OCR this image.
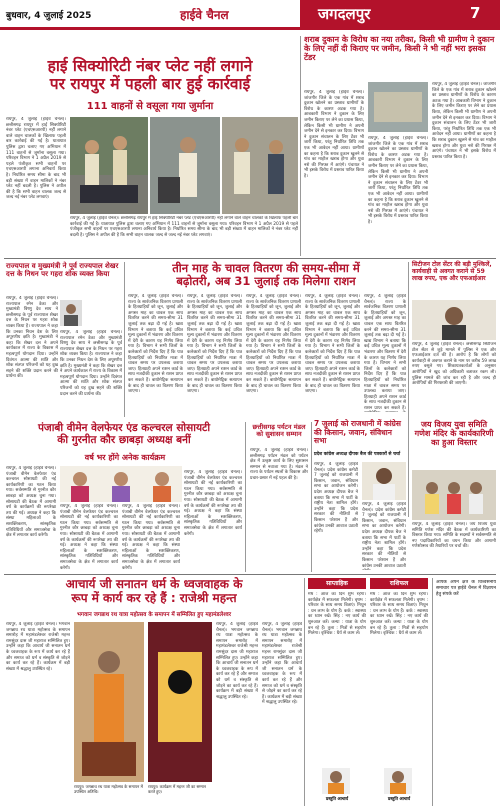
बुधवार, 4 जुलाई 2025	हाईवे चैनल	जगदलपुर	7
हाई सिक्योरिटी नंबर प्लेट नहीं लगाने
पर रायपुर में पहली बार हुई कार्रवाई
111 वाहनों से वसूला गया जुर्माना
रायपुर, 4 जुलाई (हाईवे चैनल)। छत्तीसगढ़ रायपुर में हाई सिक्योरिटी नंबर प्लेट (एचएसआरपी) नहीं लगाने वाले वाहन चालकों के खिलाफ पहली बार कार्रवाई की गई है। यातायात पुलिस द्वारा चलाए गए अभियान में 111 वाहनों से जुर्माना वसूला गया। परिवहन विभाग ने 1 अप्रैल 2019 से पहले पंजीकृत सभी वाहनों पर एचएसआरपी लगाना अनिवार्य किया है। निर्धारित समय सीमा के बाद भी बड़ी संख्या में वाहन मालिकों ने नंबर प्लेट नहीं बदली है। पुलिस ने अपील की है कि सभी वाहन चालक जल्द से जल्द नई नंबर प्लेट लगवाएं।
रायपुर, 4 जुलाई (हाईवे चैनल)। छत्तीसगढ़ रायपुर में हाई सिक्योरिटी नंबर प्लेट (एचएसआरपी) नहीं लगाने वाले वाहन चालकों के खिलाफ पहली बार कार्रवाई की गई है। यातायात पुलिस द्वारा चलाए गए अभियान में 111 वाहनों से जुर्माना वसूला गया। परिवहन विभाग ने 1 अप्रैल 2019 से पहले पंजीकृत सभी वाहनों पर एचएसआरपी लगाना अनिवार्य किया है। निर्धारित समय सीमा के बाद भी बड़ी संख्या में वाहन मालिकों ने नंबर प्लेट नहीं बदली है। पुलिस ने अपील की है कि सभी वाहन चालक जल्द से जल्द नई नंबर प्लेट लगवाएं।
शराब दुकान के विरोध का नया तरीका, किसी भी ग्रामीण ने दुकान के लिए नहीं दी किराए पर जमीन, किसी ने भी नहीं भरा इसका टेंडर
रायपुर, 4 जुलाई (हाईवे चैनल)। जांजगीर जिले के एक गांव में शराब दुकान खोलने का प्रस्ताव ग्रामीणों के विरोध के कारण अटक गया है। आबकारी विभाग ने दुकान के लिए जमीन किराए पर लेने का प्रयास किया, लेकिन किसी भी ग्रामीण ने अपनी जमीन देने से इनकार कर दिया। विभाग ने दुकान संचालन के लिए टेंडर भी जारी किया, परंतु निर्धारित तिथि तक एक भी आवेदन नहीं आया। ग्रामीणों का कहना है कि शराब दुकान खुलने से गांव का माहौल खराब होगा और युवा नशे की गिरफ्त में आएंगे। पंचायत ने भी इसके विरोध में प्रस्ताव पारित किया है।
रायपुर, 4 जुलाई (हाईवे चैनल)। जांजगीर जिले के एक गांव में शराब दुकान खोलने का प्रस्ताव ग्रामीणों के विरोध के कारण अटक गया है। आबकारी विभाग ने दुकान के लिए जमीन किराए पर लेने का प्रयास किया, लेकिन किसी भी ग्रामीण ने अपनी जमीन देने से इनकार कर दिया। विभाग ने दुकान संचालन के लिए टेंडर भी जारी किया, परंतु निर्धारित तिथि तक एक भी आवेदन नहीं आया। ग्रामीणों का कहना है कि शराब दुकान खुलने से गांव का माहौल खराब होगा और युवा नशे की गिरफ्त में आएंगे। पंचायत ने भी इसके विरोध में प्रस्ताव पारित किया है।
रायपुर, 4 जुलाई (हाईवे चैनल)। जांजगीर जिले के एक गांव में शराब दुकान खोलने का प्रस्ताव ग्रामीणों के विरोध के कारण अटक गया है। आबकारी विभाग ने दुकान के लिए जमीन किराए पर लेने का प्रयास किया, लेकिन किसी भी ग्रामीण ने अपनी जमीन देने से इनकार कर दिया। विभाग ने दुकान संचालन के लिए टेंडर भी जारी किया, परंतु निर्धारित तिथि तक एक भी आवेदन नहीं आया। ग्रामीणों का कहना है कि शराब दुकान खुलने से गांव का माहौल खराब होगा और युवा नशे की गिरफ्त में आएंगे। पंचायत ने भी इसके विरोध में प्रस्ताव पारित किया है।
राज्यपाल व मुख्यमंत्री ने पूर्व राज्यपाल शेखर दत्त के निधन पर गहरा शोक व्यक्त किया
रायपुर, 4 जुलाई (हाईवे चैनल)। राज्यपाल रमेन डेका और मुख्यमंत्री विष्णु देव साय ने छत्तीसगढ़ के पूर्व राज्यपाल शेखर दत्त के निधन पर गहरा शोक व्यक्त किया है। राज्यपाल ने कहा कि उनका निधन देश के लिए अपूरणीय क्षति है। मुख्यमंत्री ने कहा कि शेखर दत्त ने अपने कार्यकाल में राज्य के विकास में महत्वपूर्ण योगदान दिया। उन्होंने दिवंगत आत्मा की शांति और शोक संतप्त परिजनों को यह दुख सहने की शक्ति प्रदान करने की प्रार्थना की।
रायपुर, 4 जुलाई (हाईवे चैनल)। राज्यपाल रमेन डेका और मुख्यमंत्री विष्णु देव साय ने छत्तीसगढ़ के पूर्व राज्यपाल शेखर दत्त के निधन पर गहरा शोक व्यक्त किया है। राज्यपाल ने कहा कि उनका निधन देश के लिए अपूरणीय क्षति है। मुख्यमंत्री ने कहा कि शेखर दत्त ने अपने कार्यकाल में राज्य के विकास में महत्वपूर्ण योगदान दिया। उन्होंने दिवंगत आत्मा की शांति और शोक संतप्त परिजनों को यह दुख सहने की शक्ति प्रदान करने की प्रार्थना की।
तीन माह के चावल वितरण की समय-सीमा में
बढ़ोतरी, अब 31 जुलाई तक मिलेगा राशन
रायपुर, 4 जुलाई (हाईवे चैनल)। राज्य के सार्वजनिक वितरण प्रणाली के हितग्राहियों को जून, जुलाई और अगस्त माह का चावल एक साथ वितरित करने की समय-सीमा 31 जुलाई तक बढ़ा दी गई है। खाद्य विभाग ने बताया कि कई उचित मूल्य दुकानों में भंडारण और वितरण में देरी के कारण यह निर्णय लिया गया है। विभाग ने सभी जिलों के कलेक्टरों को निर्देश दिए हैं कि पात्र हितग्राहियों को निर्धारित मात्रा में चावल समय पर उपलब्ध कराया जाए। हितग्राही अपने राशन कार्ड के साथ नजदीकी दुकान से राशन प्राप्त कर सकते हैं। बायोमेट्रिक सत्यापन के बाद ही चावल का वितरण किया जाएगा।
रायपुर, 4 जुलाई (हाईवे चैनल)। राज्य के सार्वजनिक वितरण प्रणाली के हितग्राहियों को जून, जुलाई और अगस्त माह का चावल एक साथ वितरित करने की समय-सीमा 31 जुलाई तक बढ़ा दी गई है। खाद्य विभाग ने बताया कि कई उचित मूल्य दुकानों में भंडारण और वितरण में देरी के कारण यह निर्णय लिया गया है। विभाग ने सभी जिलों के कलेक्टरों को निर्देश दिए हैं कि पात्र हितग्राहियों को निर्धारित मात्रा में चावल समय पर उपलब्ध कराया जाए। हितग्राही अपने राशन कार्ड के साथ नजदीकी दुकान से राशन प्राप्त कर सकते हैं। बायोमेट्रिक सत्यापन के बाद ही चावल का वितरण किया जाएगा।
रायपुर, 4 जुलाई (हाईवे चैनल)। राज्य के सार्वजनिक वितरण प्रणाली के हितग्राहियों को जून, जुलाई और अगस्त माह का चावल एक साथ वितरित करने की समय-सीमा 31 जुलाई तक बढ़ा दी गई है। खाद्य विभाग ने बताया कि कई उचित मूल्य दुकानों में भंडारण और वितरण में देरी के कारण यह निर्णय लिया गया है। विभाग ने सभी जिलों के कलेक्टरों को निर्देश दिए हैं कि पात्र हितग्राहियों को निर्धारित मात्रा में चावल समय पर उपलब्ध कराया जाए। हितग्राही अपने राशन कार्ड के साथ नजदीकी दुकान से राशन प्राप्त कर सकते हैं। बायोमेट्रिक सत्यापन के बाद ही चावल का वितरण किया जाएगा।
रायपुर, 4 जुलाई (हाईवे चैनल)। राज्य के सार्वजनिक वितरण प्रणाली के हितग्राहियों को जून, जुलाई और अगस्त माह का चावल एक साथ वितरित करने की समय-सीमा 31 जुलाई तक बढ़ा दी गई है। खाद्य विभाग ने बताया कि कई उचित मूल्य दुकानों में भंडारण और वितरण में देरी के कारण यह निर्णय लिया गया है। विभाग ने सभी जिलों के कलेक्टरों को निर्देश दिए हैं कि पात्र हितग्राहियों को निर्धारित मात्रा में चावल समय पर उपलब्ध कराया जाए। हितग्राही अपने राशन कार्ड के साथ नजदीकी दुकान से राशन प्राप्त कर सकते हैं। बायोमेट्रिक सत्यापन के बाद ही चावल का वितरण किया जाएगा।
रायपुर, 4 जुलाई (हाईवे चैनल)। राज्य के सार्वजनिक वितरण प्रणाली के हितग्राहियों को जून, जुलाई और अगस्त माह का चावल एक साथ वितरित करने की समय-सीमा 31 जुलाई तक बढ़ा दी गई है। खाद्य विभाग ने बताया कि कई उचित मूल्य दुकानों में भंडारण और वितरण में देरी के कारण यह निर्णय लिया गया है। विभाग ने सभी जिलों के कलेक्टरों को निर्देश दिए हैं कि पात्र हितग्राहियों को निर्धारित मात्रा में चावल समय पर उपलब्ध कराया जाए। हितग्राही अपने राशन कार्ड के साथ नजदीकी दुकान से राशन प्राप्त कर सकते हैं।
सिटीजन टोल सेंटर की बड़ी मुश्किलें, कार्यवाही से अवगत कराने से 59 लाख रुपए, एक और एफआईआर
रायपुर, 4 जुलाई (हाईवे चैनल)। छत्तीसगढ़ सिटीजन टोल सेंटर से जुड़े मामले में पुलिस ने एक और एफआईआर दर्ज की है। आरोप है कि लोगों को कार्यवाही से अवगत कराने के नाम पर करीब 59 लाख रुपए वसूले गए। शिकायतकर्ताओं के अनुसार आरोपियों ने खुद को अधिकारी बताकर रकम ली। पुलिस मामले की जांच कर रही है और जल्द ही आरोपियों की गिरफ्तारी की जाएगी।
पंजाबी वीमेन वेलफेयर एंड कल्चरल सोसायटी
की गुरनीत कौर छाबड़ा अध्यक्ष बनीं
वर्ष भर होंगे अनेक कार्यक्रम
रायपुर, 4 जुलाई (हाईवे चैनल)। पंजाबी वीमेन वेलफेयर एंड कल्चरल सोसायटी की नई कार्यकारिणी का गठन किया गया। सर्वसम्मति से गुरनीत कौर छाबड़ा को अध्यक्ष चुना गया। सोसायटी की बैठक में आगामी वर्ष के कार्यक्रमों की रूपरेखा तय की गई। अध्यक्ष ने कहा कि संस्था महिलाओं के सशक्तिकरण, सांस्कृतिक गतिविधियों और समाजसेवा के क्षेत्र में लगातार कार्य करेगी।
रायपुर, 4 जुलाई (हाईवे चैनल)। पंजाबी वीमेन वेलफेयर एंड कल्चरल सोसायटी की नई कार्यकारिणी का गठन किया गया। सर्वसम्मति से गुरनीत कौर छाबड़ा को अध्यक्ष चुना गया। सोसायटी की बैठक में आगामी वर्ष के कार्यक्रमों की रूपरेखा तय की गई। अध्यक्ष ने कहा कि संस्था महिलाओं के सशक्तिकरण, सांस्कृतिक गतिविधियों और समाजसेवा के क्षेत्र में लगातार कार्य करेगी।
रायपुर, 4 जुलाई (हाईवे चैनल)। पंजाबी वीमेन वेलफेयर एंड कल्चरल सोसायटी की नई कार्यकारिणी का गठन किया गया। सर्वसम्मति से गुरनीत कौर छाबड़ा को अध्यक्ष चुना गया। सोसायटी की बैठक में आगामी वर्ष के कार्यक्रमों की रूपरेखा तय की गई। अध्यक्ष ने कहा कि संस्था महिलाओं के सशक्तिकरण, सांस्कृतिक गतिविधियों और समाजसेवा के क्षेत्र में लगातार कार्य करेगी।
रायपुर, 4 जुलाई (हाईवे चैनल)। पंजाबी वीमेन वेलफेयर एंड कल्चरल सोसायटी की नई कार्यकारिणी का गठन किया गया। सर्वसम्मति से गुरनीत कौर छाबड़ा को अध्यक्ष चुना गया। सोसायटी की बैठक में आगामी वर्ष के कार्यक्रमों की रूपरेखा तय की गई। अध्यक्ष ने कहा कि संस्था महिलाओं के सशक्तिकरण, सांस्कृतिक गतिविधियों और समाजसेवा के क्षेत्र में लगातार कार्य करेगी।
छत्तीसगढ़ पर्यटन मंडल को सुशासन सम्मान
रायपुर, 4 जुलाई (हाईवे चैनल)। छत्तीसगढ़ पर्यटन मंडल को पर्यटन क्षेत्र में उत्कृष्ट कार्य के लिए सुशासन सम्मान से नवाजा गया है। मंडल ने राज्य के पर्यटन स्थलों के विकास और प्रचार-प्रसार में नई पहल की है।
7 जुलाई को राजधानी में कांग्रेस की किसान, जवान, संविधान सभा
प्रदेश कांग्रेस अध्यक्ष दीपक बैज की पत्रकारों से चर्चा
रायपुर, 4 जुलाई (हाईवे चैनल)। प्रदेश कांग्रेस कमेटी 7 जुलाई को राजधानी में किसान, जवान, संविधान सभा का आयोजन करेगी। प्रदेश अध्यक्ष दीपक बैज ने बताया कि सभा में पार्टी के राष्ट्रीय नेता शामिल होंगे। उन्होंने कहा कि प्रदेश सरकार की नीतियों से किसान परेशान हैं और कांग्रेस उनकी आवाज उठाती रहेगी।
रायपुर, 4 जुलाई (हाईवे चैनल)। प्रदेश कांग्रेस कमेटी 7 जुलाई को राजधानी में किसान, जवान, संविधान सभा का आयोजन करेगी। प्रदेश अध्यक्ष दीपक बैज ने बताया कि सभा में पार्टी के राष्ट्रीय नेता शामिल होंगे। उन्होंने कहा कि प्रदेश सरकार की नीतियों से किसान परेशान हैं और कांग्रेस उनकी आवाज उठाती
जय विजय युवा समिति गणेश मंदिर के कार्यकारिणी का हुआ विस्तार
रायपुर, 4 जुलाई (हाईवे चैनल)। जय विजय युवा समिति गणेश मंदिर की बैठक में कार्यकारिणी का विस्तार किया गया। समिति के सदस्यों ने सर्वसम्मति से नए पदाधिकारियों का चयन किया और आगामी गणेशोत्सव की तैयारियों पर चर्चा की।
आचार्य जी सनातन धर्म के ध्वजवाहक के
रूप में कार्य कर रहे हैं : राजेश्री महन्त
भगवान जगन्नाथ रथ यात्रा महोत्सव के समापन में सम्मिलित हुए महामंडलेश्वर
रायपुर, 4 जुलाई (हाईवे चैनल)। भगवान जगन्नाथ रथ यात्रा महोत्सव के समापन समारोह में महामंडलेश्वर राजेश्री महन्त रामसुंदर दास जी महाराज सम्मिलित हुए। उन्होंने कहा कि आचार्य जी सनातन धर्म के ध्वजवाहक के रूप में कार्य कर रहे हैं और समाज को धर्म व संस्कृति से जोड़ने का कार्य कर रहे हैं। कार्यक्रम में बड़ी संख्या में श्रद्धालु उपस्थित रहे।
रायपुर। जगन्नाथ रथ यात्रा महोत्सव के समापन में उपस्थित अतिथि।
रायपुर। कार्यक्रम में महन्त जी का सम्मान करते हुए।
रायपुर, 4 जुलाई (हाईवे चैनल)। भगवान जगन्नाथ रथ यात्रा महोत्सव के समापन समारोह में महामंडलेश्वर राजेश्री महन्त रामसुंदर दास जी महाराज सम्मिलित हुए। उन्होंने कहा कि आचार्य जी सनातन धर्म के ध्वजवाहक के रूप में कार्य कर रहे हैं और समाज को धर्म व संस्कृति से जोड़ने का कार्य कर रहे हैं। कार्यक्रम में बड़ी संख्या में श्रद्धालु उपस्थित रहे।
रायपुर, 4 जुलाई (हाईवे चैनल)। भगवान जगन्नाथ रथ यात्रा महोत्सव के समापन समारोह में महामंडलेश्वर राजेश्री महन्त रामसुंदर दास जी महाराज सम्मिलित हुए। उन्होंने कहा कि आचार्य जी सनातन धर्म के ध्वजवाहक के रूप में कार्य कर रहे हैं और समाज को धर्म व संस्कृति से जोड़ने का कार्य कर रहे हैं। कार्यक्रम में बड़ी संख्या में श्रद्धालु उपस्थित रहे।
साप्ताहिक	राशिफल
मेष : आज का दिन शुभ रहेगा। कार्यक्षेत्र में सफलता मिलेगी। वृषभ : परिवार के साथ समय बिताएं। मिथुन : धन लाभ के योग हैं। कर्क : स्वास्थ्य का ध्यान रखें। सिंह : नए कार्य की शुरुआत करें। कन्या : यात्रा के योग बन रहे हैं। तुला : मित्रों से सहयोग मिलेगा। वृश्चिक : धैर्य से काम लें।
मेष : आज का दिन शुभ रहेगा। कार्यक्षेत्र में सफलता मिलेगी। वृषभ : परिवार के साथ समय बिताएं। मिथुन : धन लाभ के योग हैं। कर्क : स्वास्थ्य का ध्यान रखें। सिंह : नए कार्य की शुरुआत करें। कन्या : यात्रा के योग बन रहे हैं। तुला : मित्रों से सहयोग मिलेगा। वृश्चिक : धैर्य से काम लें।
प्रस्तुति आचार्य	प्रस्तुति आचार्य
आपके अपने क्षेत्र के विश्वसनीय समाचार पत्र हाईवे चैनल में विज्ञापन हेतु संपर्क करें
